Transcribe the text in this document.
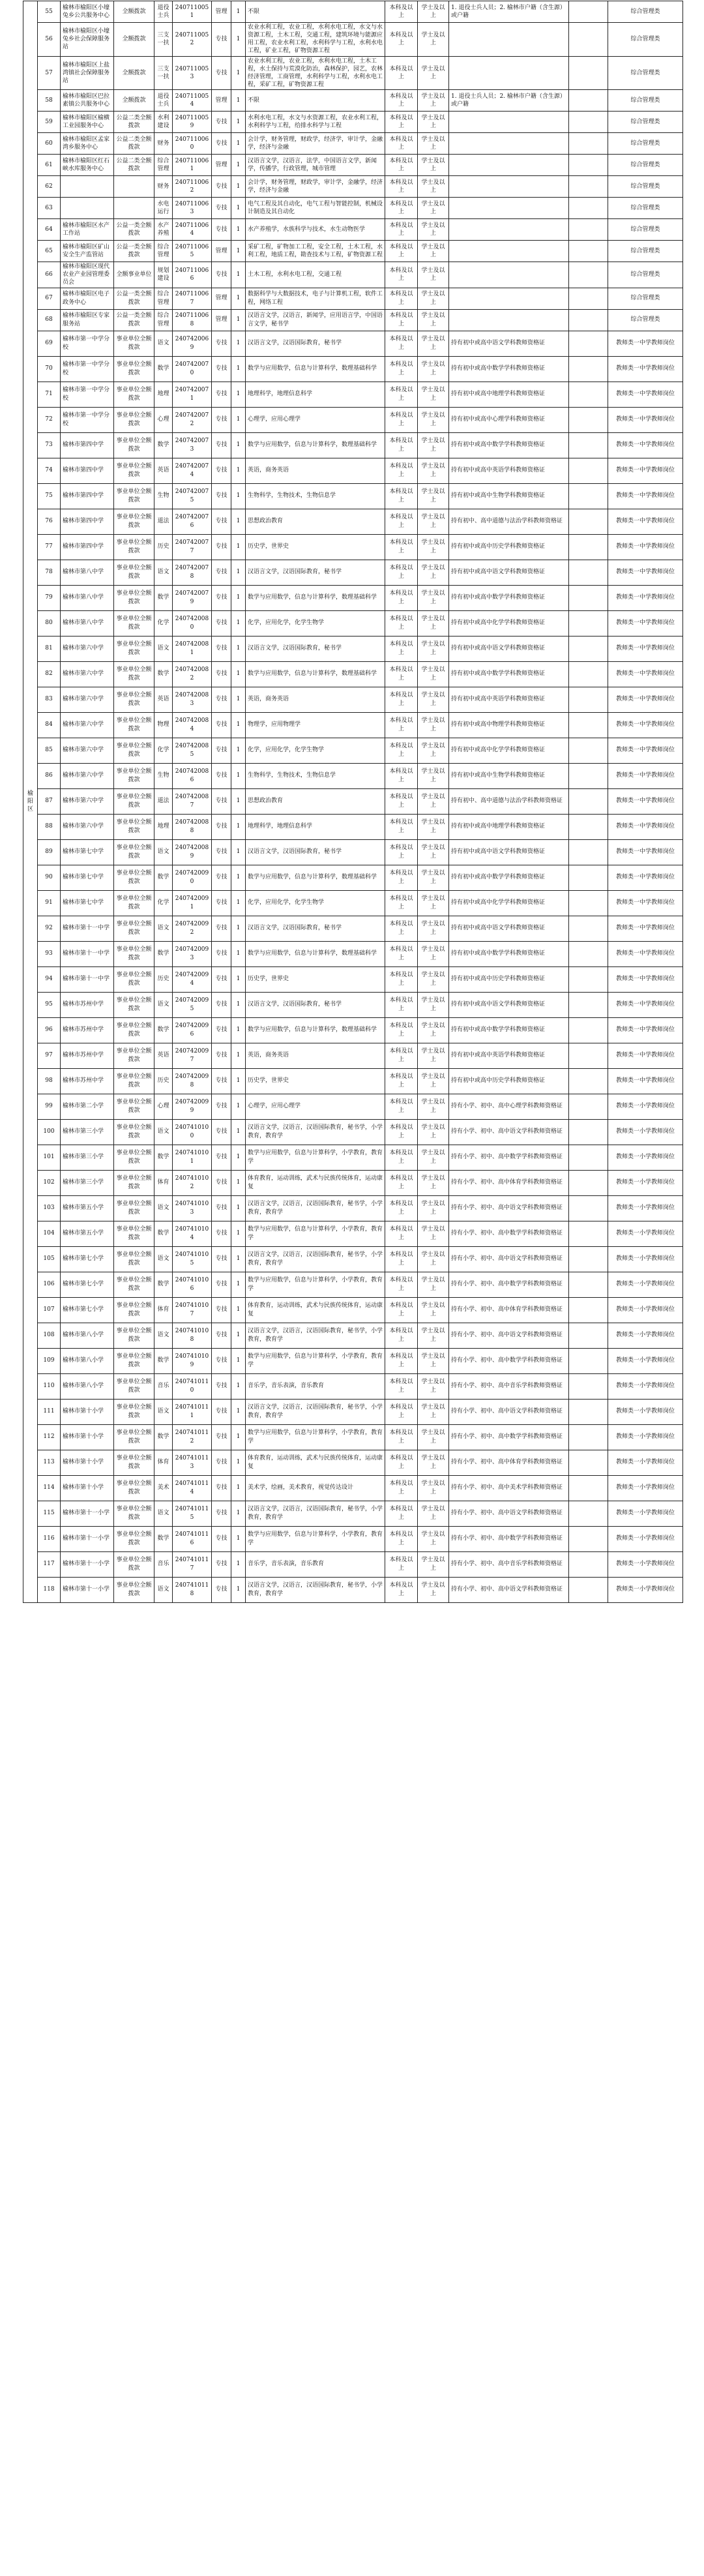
榆阳区	55	榆林市榆阳区小壕兔乡公共服务中心	全额拨款	退役士兵	2407110051	管理	1	不限	本科及以上	学士及以上	1. 退役士兵人员；2. 榆林市户籍（含生源）或户籍		综合管理类
	56	榆林市榆阳区小壕兔乡社会保障服务站	全额拨款	三支一扶	2407110052	专技	1	农业水利工程，农业工程，水利水电工程，水文与水资源工程，土木工程，交通工程，建筑环境与能源应用工程，农业水利工程，水利科学与工程，水利水电工程，矿业工程，矿物资源工程	本科及以上	学士及以上			综合管理类
	57	榆林市榆阳区上盐湾镇社会保障服务站	全额拨款	三支一扶	2407110053	专技	1	农业水利工程，农业工程，水利水电工程，土木工程，水土保持与荒漠化防治，森林保护，园艺，农林经济管理，工商管理，水利科学与工程，水利水电工程，采矿工程，矿物资源工程	本科及以上	学士及以上			综合管理类
	58	榆林市榆阳区巴拉素镇公共服务中心	全额拨款	退役士兵	2407110054	管理	1	不限	本科及以上	学士及以上	1. 退役士兵人员；2. 榆林市户籍（含生源）或户籍		综合管理类
	59	榆林市榆阳区榆横工业园服务中心	公益二类全额拨款	水利建设	2407110059	专技	1	水利水电工程，水文与水资源工程，农业水利工程，水利科学与工程，给排水科学与工程	本科及以上	学士及以上			综合管理类
	60	榆林市榆阳区孟家湾乡服务中心	公益二类全额拨款	财务	2407110060	专技	1	会计学，财务管理，财政学，经济学，审计学，金融学，经济与金融	本科及以上	学士及以上			综合管理类
	61	榆林市榆阳区红石峡水库服务中心	公益二类全额拨款	综合管理	2407110061	管理	1	汉语言文学，汉语言，法学，中国语言文学，新闻学，传播学，行政管理，城市管理	本科及以上	学士及以上			综合管理类
	62			财务	2407110062	专技	1	会计学，财务管理，财政学，审计学，金融学，经济学，经济与金融	本科及以上	学士及以上			综合管理类
	63			水电运行	2407110063	专技	1	电气工程及其自动化，电气工程与智能控制，机械设计制造及其自动化	本科及以上	学士及以上			综合管理类
	64	榆林市榆阳区水产工作站	公益一类全额拨款	水产养殖	2407110064	专技	1	水产养殖学，水族科学与技术，水生动物医学	本科及以上	学士及以上			综合管理类
	65	榆林市榆阳区矿山安全生产监管站	公益一类全额拨款	综合管理	2407110065	管理	1	采矿工程，矿物加工工程，安全工程，土木工程，水利工程，地质工程，勘查技术与工程，矿物资源工程	本科及以上	学士及以上			综合管理类
	66	榆林市榆阳区现代农业产业园管理委员会	全额事业单位	规划建设	2407110066	专技	1	土木工程，水利水电工程，交通工程	本科及以上	学士及以上			综合管理类
	67	榆林市榆阳区电子政务中心	公益一类全额拨款	综合管理	2407110067	管理	1	数据科学与大数据技术，电子与计算机工程，软件工程，网络工程	本科及以上	学士及以上			综合管理类
	68	榆林市榆阳区专家服务站	公益一类全额拨款	综合管理	2407110068	管理	1	汉语言文学，汉语言，新闻学，应用语言学，中国语言文学，秘书学	本科及以上	学士及以上			综合管理类
	69	榆林市第一中学分校	事业单位全额拨款	语文	2407420069	专技	1	汉语言文学，汉语国际教育，秘书学	本科及以上	学士及以上	持有初中或高中语文学科教师资格证		教师类一中学教师岗位
	70	榆林市第一中学分校	事业单位全额拨款	数学	2407420070	专技	1	数学与应用数学，信息与计算科学，数理基础科学	本科及以上	学士及以上	持有初中或高中数学学科教师资格证		教师类一中学教师岗位
	71	榆林市第一中学分校	事业单位全额拨款	地理	2407420071	专技	1	地理科学，地理信息科学	本科及以上	学士及以上	持有初中或高中地理学科教师资格证		教师类一中学教师岗位
	72	榆林市第一中学分校	事业单位全额拨款	心理	2407420072	专技	1	心理学，应用心理学	本科及以上	学士及以上	持有初中或高中心理学科教师资格证		教师类一中学教师岗位
	73	榆林市第四中学	事业单位全额拨款	数学	2407420073	专技	1	数学与应用数学，信息与计算科学，数理基础科学	本科及以上	学士及以上	持有初中或高中数学学科教师资格证		教师类一中学教师岗位
	74	榆林市第四中学	事业单位全额拨款	英语	2407420074	专技	1	英语，商务英语	本科及以上	学士及以上	持有初中或高中英语学科教师资格证		教师类一中学教师岗位
	75	榆林市第四中学	事业单位全额拨款	生物	2407420075	专技	1	生物科学，生物技术，生物信息学	本科及以上	学士及以上	持有初中或高中生物学科教师资格证		教师类一中学教师岗位
	76	榆林市第四中学	事业单位全额拨款	道法	2407420076	专技	1	思想政治教育	本科及以上	学士及以上	持有初中、高中道德与法治学科教师资格证		教师类一中学教师岗位
	77	榆林市第四中学	事业单位全额拨款	历史	2407420077	专技	1	历史学，世界史	本科及以上	学士及以上	持有初中或高中历史学科教师资格证		教师类一中学教师岗位
	78	榆林市第八中学	事业单位全额拨款	语文	2407420078	专技	1	汉语言文学，汉语国际教育，秘书学	本科及以上	学士及以上	持有初中或高中语文学科教师资格证		教师类一中学教师岗位
	79	榆林市第八中学	事业单位全额拨款	数学	2407420079	专技	1	数学与应用数学，信息与计算科学，数理基础科学	本科及以上	学士及以上	持有初中或高中数学学科教师资格证		教师类一中学教师岗位
	80	榆林市第八中学	事业单位全额拨款	化学	2407420080	专技	1	化学，应用化学，化学生物学	本科及以上	学士及以上	持有初中或高中化学学科教师资格证		教师类一中学教师岗位
	81	榆林市第六中学	事业单位全额拨款	语文	2407420081	专技	1	汉语言文学，汉语国际教育，秘书学	本科及以上	学士及以上	持有初中或高中语文学科教师资格证		教师类一中学教师岗位
	82	榆林市第六中学	事业单位全额拨款	数学	2407420082	专技	1	数学与应用数学，信息与计算科学，数理基础科学	本科及以上	学士及以上	持有初中或高中数学学科教师资格证		教师类一中学教师岗位
	83	榆林市第六中学	事业单位全额拨款	英语	2407420083	专技	1	英语，商务英语	本科及以上	学士及以上	持有初中或高中英语学科教师资格证		教师类一中学教师岗位
	84	榆林市第六中学	事业单位全额拨款	物理	2407420084	专技	1	物理学，应用物理学	本科及以上	学士及以上	持有初中或高中物理学科教师资格证		教师类一中学教师岗位
	85	榆林市第六中学	事业单位全额拨款	化学	2407420085	专技	1	化学，应用化学，化学生物学	本科及以上	学士及以上	持有初中或高中化学学科教师资格证		教师类一中学教师岗位
	86	榆林市第六中学	事业单位全额拨款	生物	2407420086	专技	1	生物科学，生物技术，生物信息学	本科及以上	学士及以上	持有初中或高中生物学科教师资格证		教师类一中学教师岗位
	87	榆林市第六中学	事业单位全额拨款	道法	2407420087	专技	1	思想政治教育	本科及以上	学士及以上	持有初中、高中道德与法治学科教师资格证		教师类一中学教师岗位
	88	榆林市第六中学	事业单位全额拨款	地理	2407420088	专技	1	地理科学，地理信息科学	本科及以上	学士及以上	持有初中或高中地理学科教师资格证		教师类一中学教师岗位
	89	榆林市第七中学	事业单位全额拨款	语文	2407420089	专技	1	汉语言文学，汉语国际教育，秘书学	本科及以上	学士及以上	持有初中或高中语文学科教师资格证		教师类一中学教师岗位
	90	榆林市第七中学	事业单位全额拨款	数学	2407420090	专技	1	数学与应用数学，信息与计算科学，数理基础科学	本科及以上	学士及以上	持有初中或高中数学学科教师资格证		教师类一中学教师岗位
	91	榆林市第七中学	事业单位全额拨款	化学	2407420091	专技	1	化学，应用化学，化学生物学	本科及以上	学士及以上	持有初中或高中化学学科教师资格证		教师类一中学教师岗位
	92	榆林市第十一中学	事业单位全额拨款	语文	2407420092	专技	1	汉语言文学，汉语国际教育，秘书学	本科及以上	学士及以上	持有初中或高中语文学科教师资格证		教师类一中学教师岗位
	93	榆林市第十一中学	事业单位全额拨款	数学	2407420093	专技	1	数学与应用数学，信息与计算科学，数理基础科学	本科及以上	学士及以上	持有初中或高中数学学科教师资格证		教师类一中学教师岗位
	94	榆林市第十一中学	事业单位全额拨款	历史	2407420094	专技	1	历史学，世界史	本科及以上	学士及以上	持有初中或高中历史学科教师资格证		教师类一中学教师岗位
	95	榆林市苏州中学	事业单位全额拨款	语文	2407420095	专技	1	汉语言文学，汉语国际教育，秘书学	本科及以上	学士及以上	持有初中或高中语文学科教师资格证		教师类一中学教师岗位
	96	榆林市苏州中学	事业单位全额拨款	数学	2407420096	专技	1	数学与应用数学，信息与计算科学，数理基础科学	本科及以上	学士及以上	持有初中或高中数学学科教师资格证		教师类一中学教师岗位
	97	榆林市苏州中学	事业单位全额拨款	英语	2407420097	专技	1	英语，商务英语	本科及以上	学士及以上	持有初中或高中英语学科教师资格证		教师类一中学教师岗位
	98	榆林市苏州中学	事业单位全额拨款	历史	2407420098	专技	1	历史学，世界史	本科及以上	学士及以上	持有初中或高中历史学科教师资格证		教师类一中学教师岗位
	99	榆林市第二小学	事业单位全额拨款	心理	2407420099	专技	1	心理学，应用心理学	本科及以上	学士及以上	持有小学、初中、高中心理学科教师资格证		教师类一小学教师岗位
	100	榆林市第三小学	事业单位全额拨款	语文	2407410100	专技	1	汉语言文学，汉语言，汉语国际教育，秘书学，小学教育，教育学	本科及以上	学士及以上	持有小学、初中、高中语文学科教师资格证		教师类一小学教师岗位
	101	榆林市第三小学	事业单位全额拨款	数学	2407410101	专技	1	数学与应用数学，信息与计算科学，小学教育，教育学	本科及以上	学士及以上	持有小学、初中、高中数学学科教师资格证		教师类一小学教师岗位
	102	榆林市第三小学	事业单位全额拨款	体育	2407410102	专技	1	体育教育，运动训练，武术与民族传统体育，运动康复	本科及以上	学士及以上	持有小学、初中、高中体育学科教师资格证		教师类一小学教师岗位
	103	榆林市第五小学	事业单位全额拨款	语文	2407410103	专技	1	汉语言文学，汉语言，汉语国际教育，秘书学，小学教育，教育学	本科及以上	学士及以上	持有小学、初中、高中语文学科教师资格证		教师类一小学教师岗位
	104	榆林市第五小学	事业单位全额拨款	数学	2407410104	专技	1	数学与应用数学，信息与计算科学，小学教育，教育学	本科及以上	学士及以上	持有小学、初中、高中数学学科教师资格证		教师类一小学教师岗位
	105	榆林市第七小学	事业单位全额拨款	语文	2407410105	专技	1	汉语言文学，汉语言，汉语国际教育，秘书学，小学教育，教育学	本科及以上	学士及以上	持有小学、初中、高中语文学科教师资格证		教师类一小学教师岗位
	106	榆林市第七小学	事业单位全额拨款	数学	2407410106	专技	1	数学与应用数学，信息与计算科学，小学教育，教育学	本科及以上	学士及以上	持有小学、初中、高中数学学科教师资格证		教师类一小学教师岗位
	107	榆林市第七小学	事业单位全额拨款	体育	2407410107	专技	1	体育教育，运动训练，武术与民族传统体育，运动康复	本科及以上	学士及以上	持有小学、初中、高中体育学科教师资格证		教师类一小学教师岗位
	108	榆林市第八小学	事业单位全额拨款	语文	2407410108	专技	1	汉语言文学，汉语言，汉语国际教育，秘书学，小学教育，教育学	本科及以上	学士及以上	持有小学、初中、高中语文学科教师资格证		教师类一小学教师岗位
	109	榆林市第八小学	事业单位全额拨款	数学	2407410109	专技	1	数学与应用数学，信息与计算科学，小学教育，教育学	本科及以上	学士及以上	持有小学、初中、高中数学学科教师资格证		教师类一小学教师岗位
	110	榆林市第八小学	事业单位全额拨款	音乐	2407410110	专技	1	音乐学，音乐表演，音乐教育	本科及以上	学士及以上	持有小学、初中、高中音乐学科教师资格证		教师类一小学教师岗位
	111	榆林市第十小学	事业单位全额拨款	语文	2407410111	专技	1	汉语言文学，汉语言，汉语国际教育，秘书学，小学教育，教育学	本科及以上	学士及以上	持有小学、初中、高中语文学科教师资格证		教师类一小学教师岗位
	112	榆林市第十小学	事业单位全额拨款	数学	2407410112	专技	1	数学与应用数学，信息与计算科学，小学教育，教育学	本科及以上	学士及以上	持有小学、初中、高中数学学科教师资格证		教师类一小学教师岗位
	113	榆林市第十小学	事业单位全额拨款	体育	2407410113	专技	1	体育教育，运动训练，武术与民族传统体育，运动康复	本科及以上	学士及以上	持有小学、初中、高中体育学科教师资格证		教师类一小学教师岗位
	114	榆林市第十小学	事业单位全额拨款	美术	2407410114	专技	1	美术学，绘画，美术教育，视觉传达设计	本科及以上	学士及以上	持有小学、初中、高中美术学科教师资格证		教师类一小学教师岗位
	115	榆林市第十一小学	事业单位全额拨款	语文	2407410115	专技	1	汉语言文学，汉语言，汉语国际教育，秘书学，小学教育，教育学	本科及以上	学士及以上	持有小学、初中、高中语文学科教师资格证		教师类一小学教师岗位
	116	榆林市第十一小学	事业单位全额拨款	数学	2407410116	专技	1	数学与应用数学，信息与计算科学，小学教育，教育学	本科及以上	学士及以上	持有小学、初中、高中数学学科教师资格证		教师类一小学教师岗位
	117	榆林市第十一小学	事业单位全额拨款	音乐	2407410117	专技	1	音乐学，音乐表演，音乐教育	本科及以上	学士及以上	持有小学、初中、高中音乐学科教师资格证		教师类一小学教师岗位
	118	榆林市第十一小学	事业单位全额拨款	语文	2407410118	专技	1	汉语言文学，汉语言，汉语国际教育，秘书学，小学教育，教育学	本科及以上	学士及以上	持有小学、初中、高中语文学科教师资格证		教师类一小学教师岗位
